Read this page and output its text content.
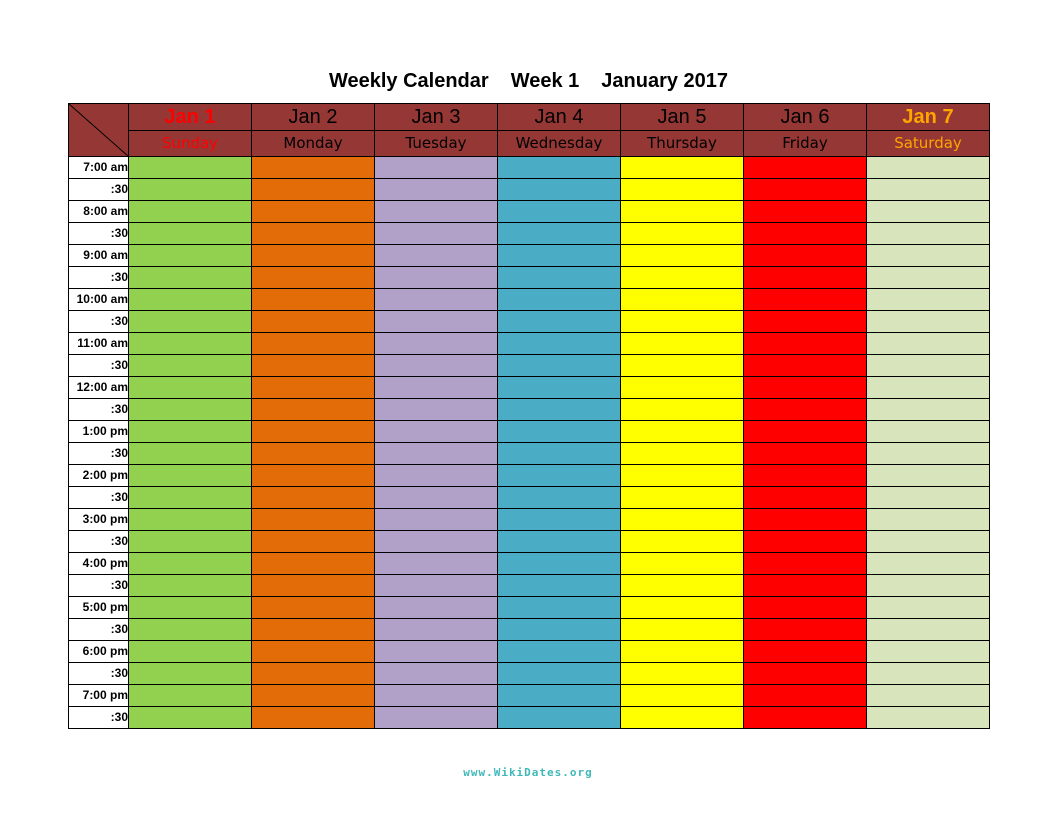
Weekly Calendar Week 1 January 2017
	Jan 1	Jan 2	Jan 3	Jan 4	Jan 5	Jan 6	Jan 7
	Sunday	Monday	Tuesday	Wednesday	Thursday	Friday	Saturday
7:00 am							
:30							
8:00 am							
:30							
9:00 am							
:30							
10:00 am							
:30							
11:00 am							
:30							
12:00 am							
:30							
1:00 pm							
:30							
2:00 pm							
:30							
3:00 pm							
:30							
4:00 pm							
:30							
5:00 pm							
:30							
6:00 pm							
:30							
7:00 pm							
:30							
www.WikiDates.org
